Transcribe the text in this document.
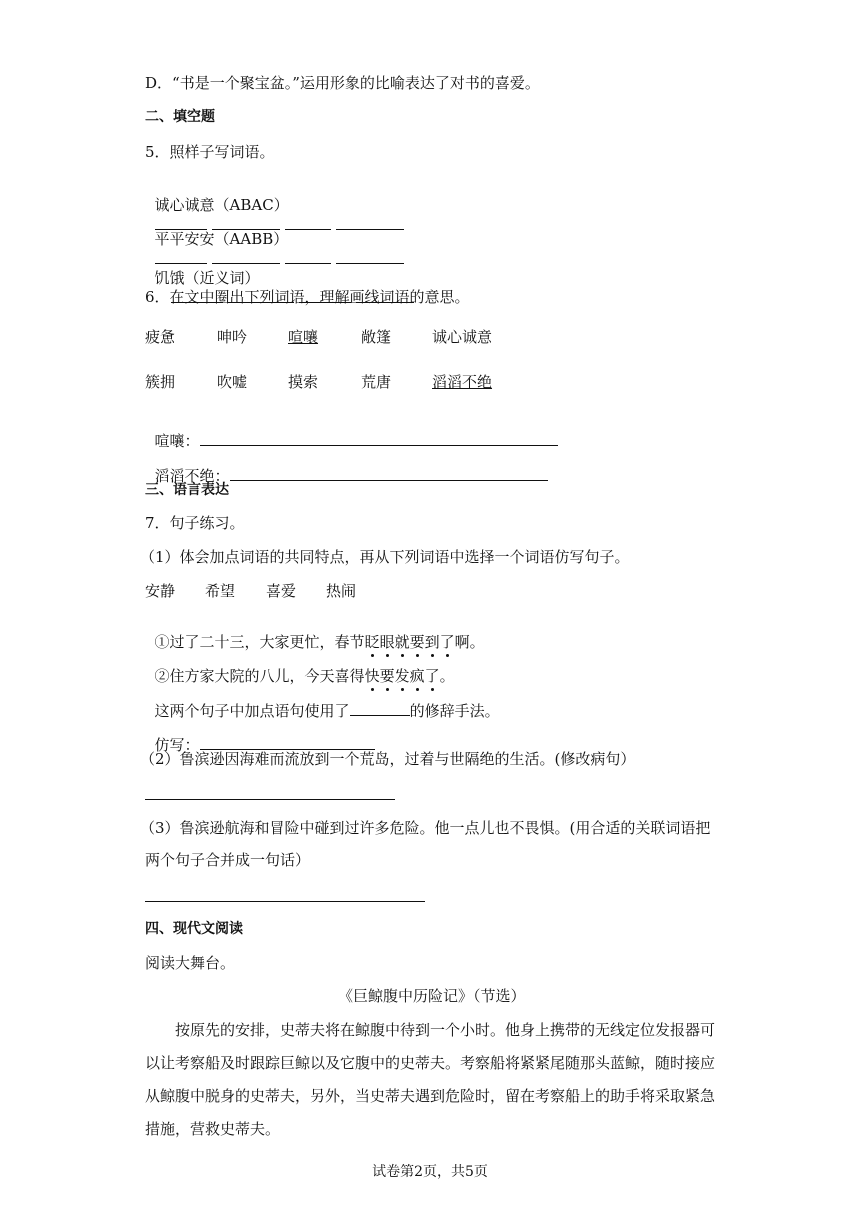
D．“书是一个聚宝盆。”运用形象的比喻表达了对书的喜爱。
二、填空题
5．照样子写词语。

诚心诚意（ABAC）

平平安安（AABB）

饥饿（近义词）

6．在文中圈出下列词语，理解画线词语的意思。
疲惫	呻吟	喧嚷	敞篷	诚心诚意
簇拥	吹嘘	摸索	荒唐	滔滔不绝

喧嚷：

滔滔不绝：

三、语言表达
7．句子练习。
（1）体会加点词语的共同特点，再从下列词语中选择一个词语仿写句子。
安静 希望 喜爱 热闹

①过了二十三，大家更忙，春节眨眼就要到了啊。

②住方家大院的八儿，今天喜得快要发疯了。

这两个句子中加点语句使用了	的修辞手法。

仿写：

（2）鲁滨逊因海难而流放到一个荒岛，过着与世隔绝的生活。(修改病句）
（3）鲁滨逊航海和冒险中碰到过许多危险。他一点儿也不畏惧。(用合适的关联词语把
两个句子合并成一句话）
四、现代文阅读
阅读大舞台。
《巨鲸腹中历险记》（节选）
按原先的安排，史蒂夫将在鲸腹中待到一个小时。他身上携带的无线定位发报器可
以让考察船及时跟踪巨鲸以及它腹中的史蒂夫。考察船将紧紧尾随那头蓝鲸，随时接应
从鲸腹中脱身的史蒂夫，另外，当史蒂夫遇到危险时，留在考察船上的助手将采取紧急
措施，营救史蒂夫。
试卷第2页，共5页
